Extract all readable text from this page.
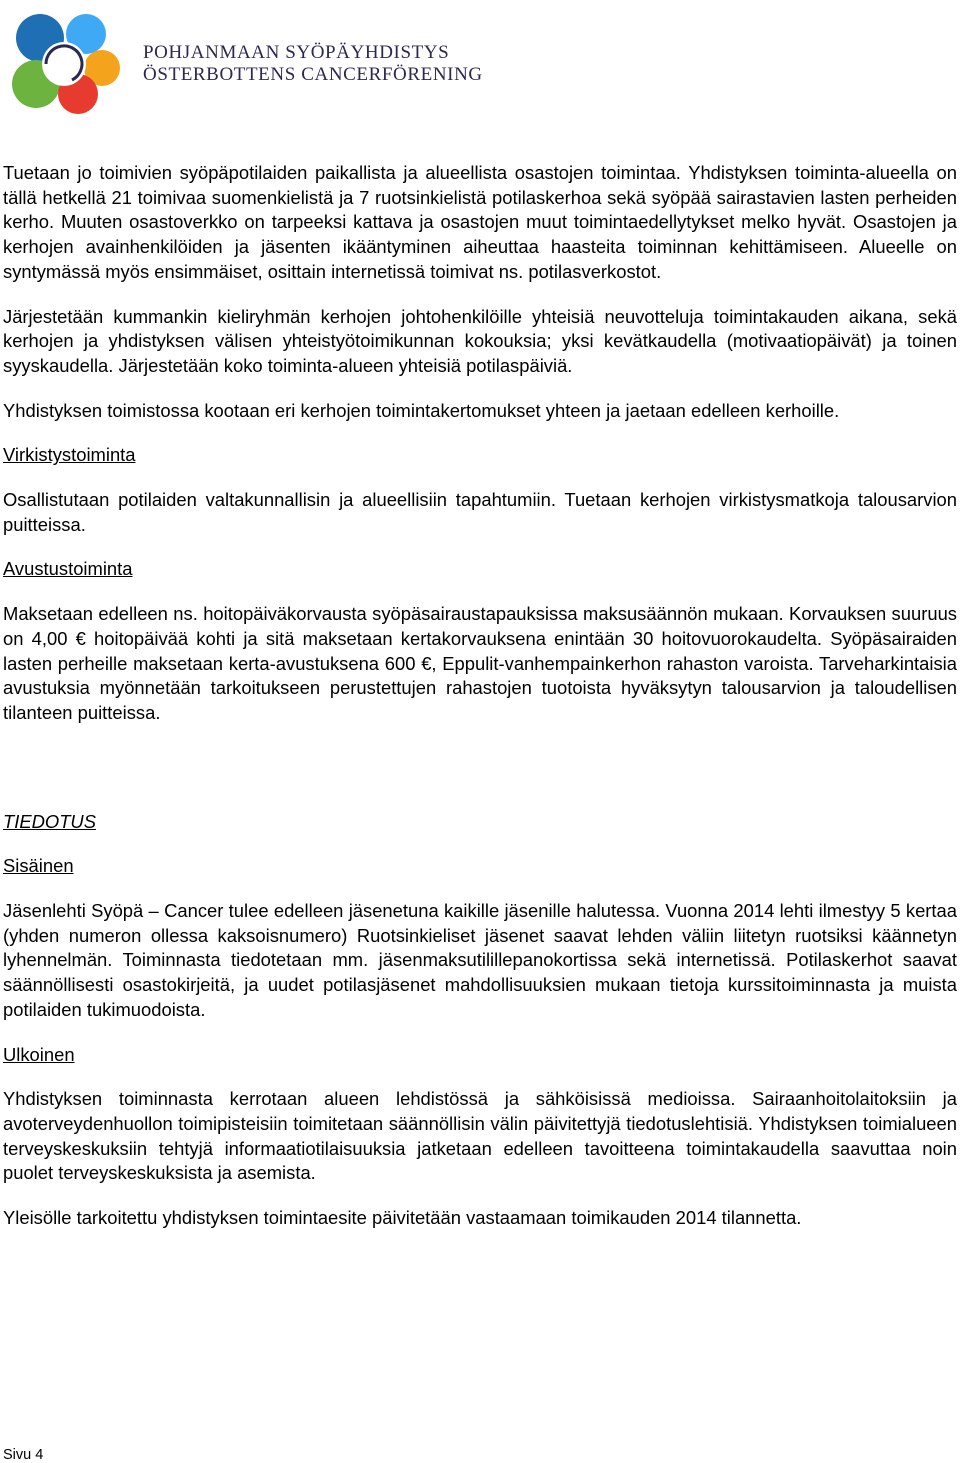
POHJANMAAN SYÖPÄYHDISTYS
ÖSTERBOTTENS CANCERFÖRENING

Tuetaan jo toimivien syöpäpotilaiden paikallista ja alueellista osastojen toimintaa. Yhdistyksen toiminta-alueella on tällä hetkellä 21 toimivaa suomenkielistä ja 7 ruotsinkielistä potilaskerhoa sekä syöpää sairastavien lasten perheiden kerho. Muuten osastoverkko on tarpeeksi kattava ja osastojen muut toimintaedellytykset melko hyvät. Osastojen ja kerhojen avainhenkilöiden ja jäsenten ikääntyminen aiheuttaa haasteita toiminnan kehittämiseen. Alueelle on syntymässä myös ensimmäiset, osittain internetissä toimivat ns. potilasverkostot.

Järjestetään kummankin kieliryhmän kerhojen johtohenkilöille yhteisiä neuvotteluja toimintakauden aikana, sekä kerhojen ja yhdistyksen välisen yhteistyötoimikunnan kokouksia; yksi kevätkaudella (motivaatiopäivät) ja toinen syyskaudella. Järjestetään koko toiminta-alueen yhteisiä potilaspäiviä.

Yhdistyksen toimistossa kootaan eri kerhojen toimintakertomukset yhteen ja jaetaan edelleen kerhoille.

Virkistystoiminta

Osallistutaan potilaiden valtakunnallisin ja alueellisiin tapahtumiin. Tuetaan kerhojen virkistysmatkoja talousarvion puitteissa.

Avustustoiminta

Maksetaan edelleen ns. hoitopäiväkorvausta syöpäsairaustapauksissa maksusäännön mukaan. Korvauksen suuruus on 4,00 € hoitopäivää kohti ja sitä maksetaan kertakorvauksena enintään 30 hoitovuorokaudelta. Syöpäsairaiden lasten perheille maksetaan kerta-avustuksena 600 €, Eppulit-vanhempainkerhon rahaston varoista. Tarveharkintaisia avustuksia myönnetään tarkoitukseen perustettujen rahastojen tuotoista hyväksytyn talousarvion ja taloudellisen tilanteen puitteissa.

TIEDOTUS
Sisäinen

Jäsenlehti Syöpä – Cancer tulee edelleen jäsenetuna kaikille jäsenille halutessa. Vuonna 2014 lehti ilmestyy 5 kertaa (yhden numeron ollessa kaksoisnumero) Ruotsinkieliset jäsenet saavat lehden väliin liitetyn ruotsiksi käännetyn lyhennelmän. Toiminnasta tiedotetaan mm. jäsenmaksutilillepanokortissa sekä internetissä. Potilaskerhot saavat säännöllisesti osastokirjeitä, ja uudet potilasjäsenet mahdollisuuksien mukaan tietoja kurssitoiminnasta ja muista potilaiden tukimuodoista.

Ulkoinen

Yhdistyksen toiminnasta kerrotaan alueen lehdistössä ja sähköisissä medioissa. Sairaanhoitolaitoksiin ja avoterveydenhuollon toimipisteisiin toimitetaan säännöllisin välin päivitettyjä tiedotuslehtisiä. Yhdistyksen toimialueen terveyskeskuksiin tehtyjä informaatiotilaisuuksia jatketaan edelleen tavoitteena toimintakaudella saavuttaa noin puolet terveyskeskuksista ja asemista.

Yleisölle tarkoitettu yhdistyksen toimintaesite päivitetään vastaamaan toimikauden 2014 tilannetta.

Sivu 4
